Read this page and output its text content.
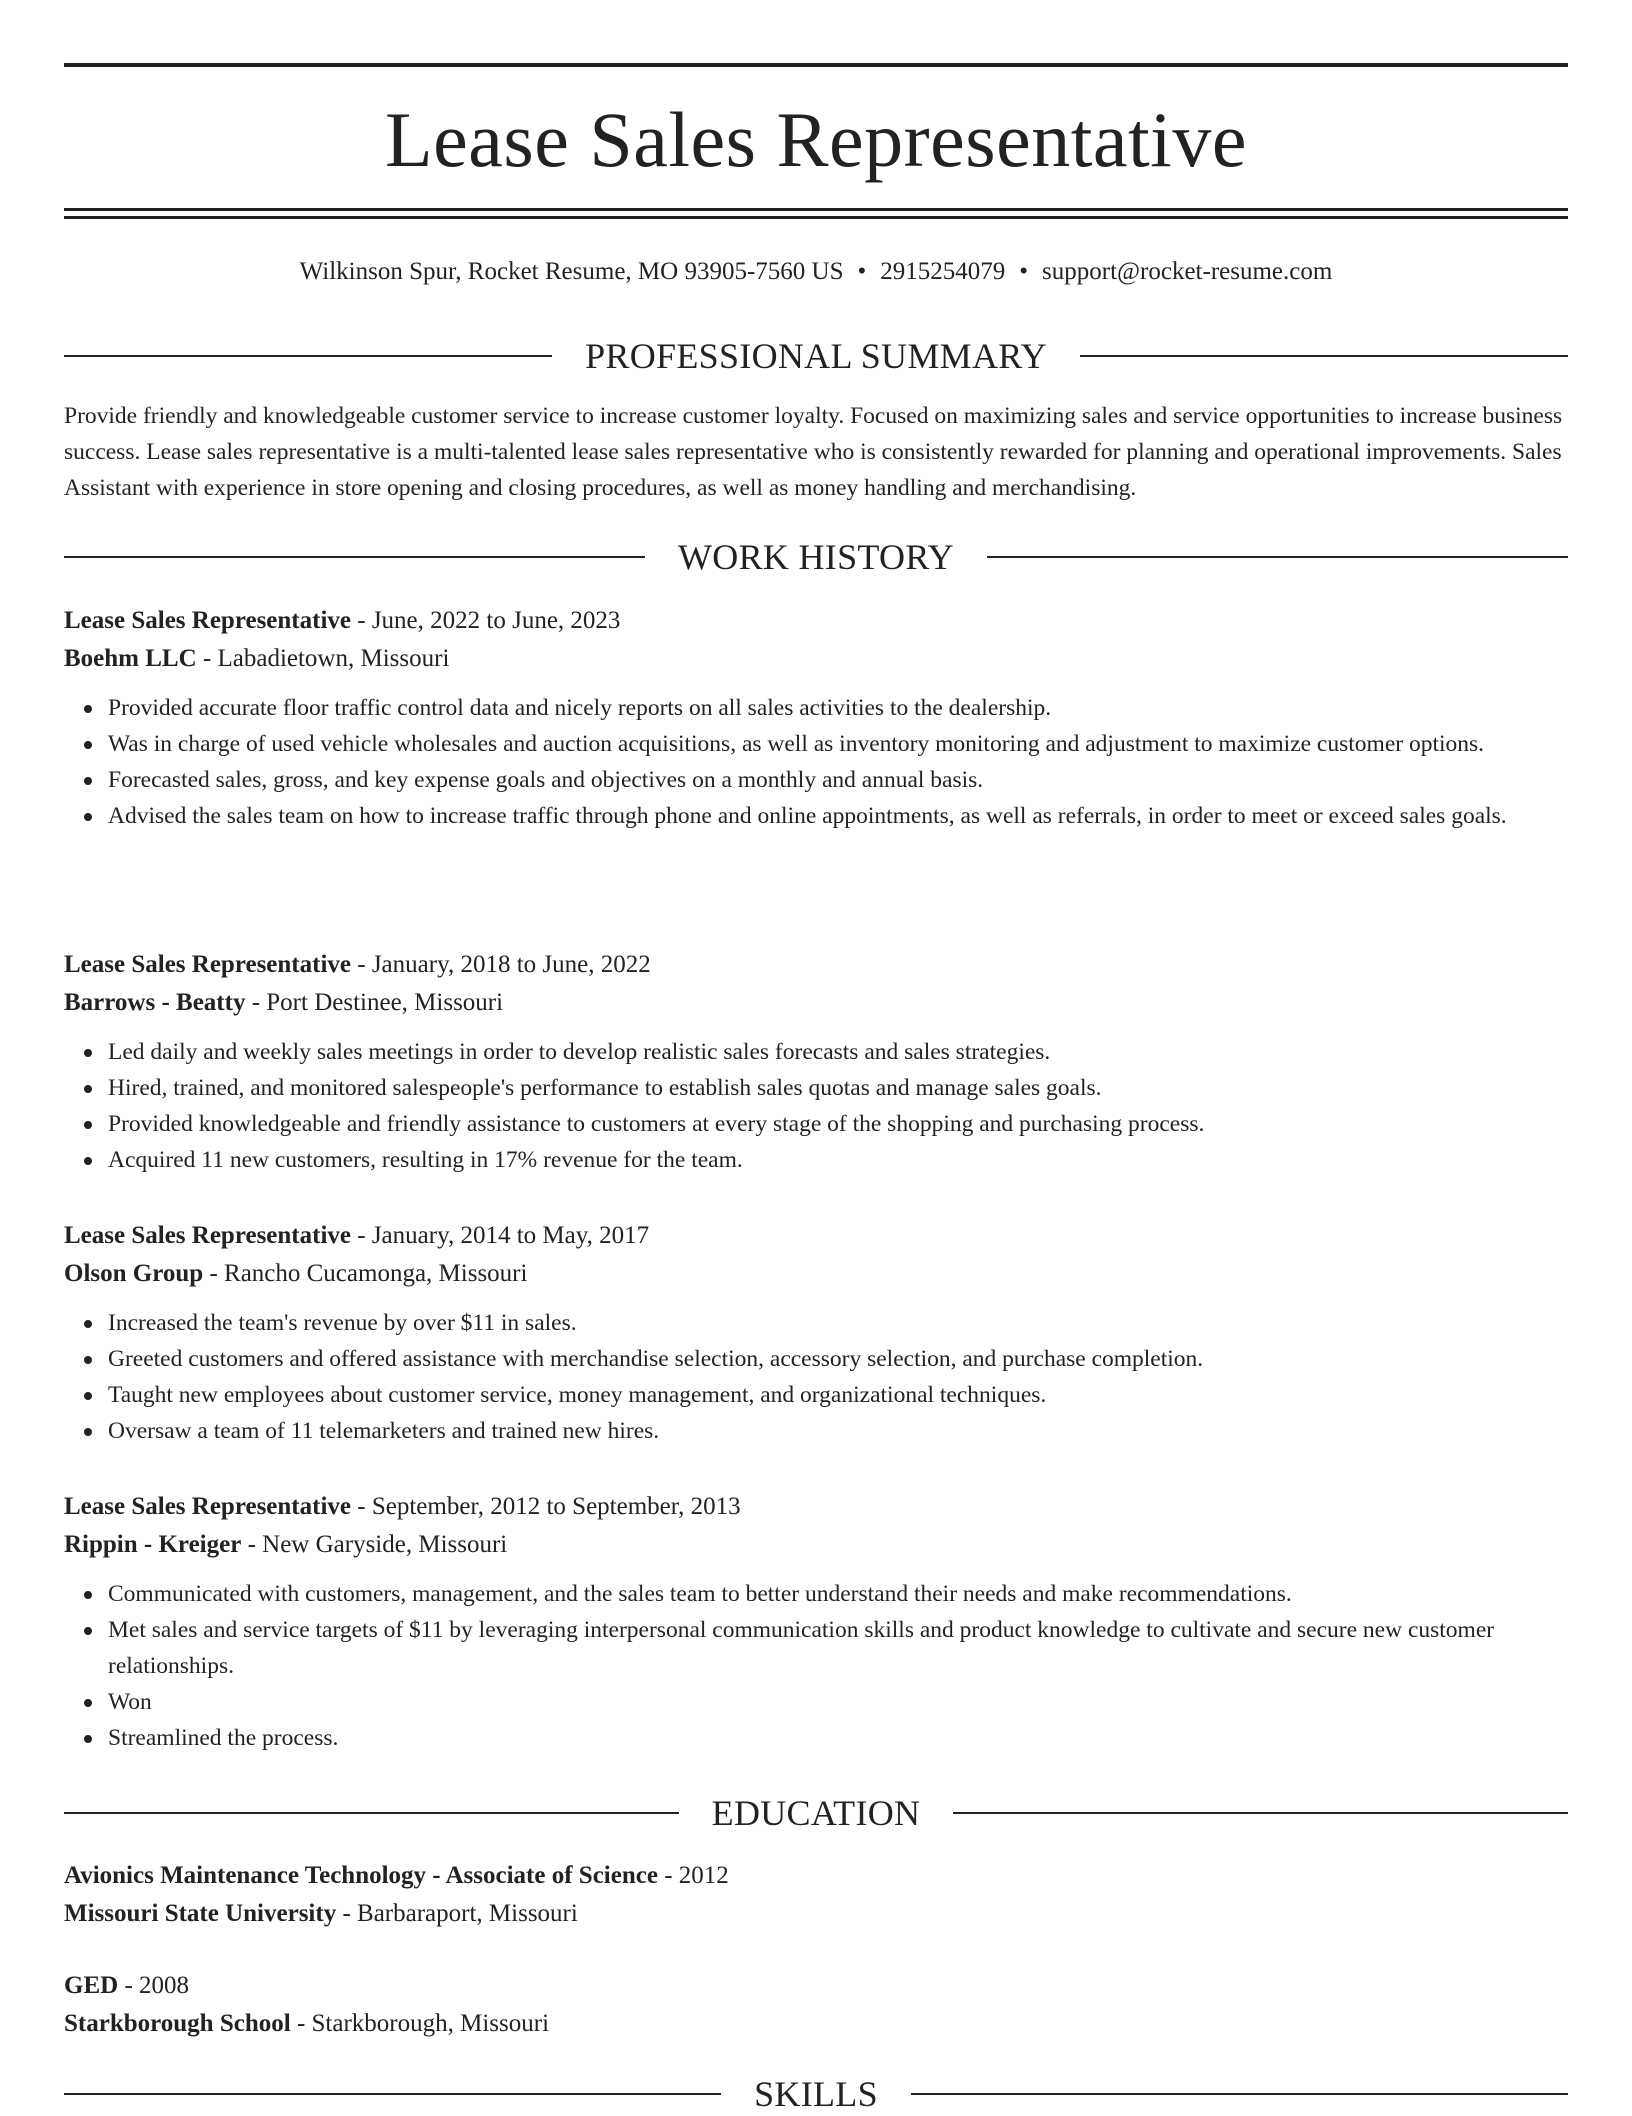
Lease Sales Representative
Wilkinson Spur, Rocket Resume, MO 93905-7560 US • 2915254079 • support@rocket-resume.com
PROFESSIONAL SUMMARY

Provide friendly and knowledgeable customer service to increase customer loyalty. Focused on maximizing sales and service opportunities to increase business success. Lease sales representative is a multi-talented lease sales representative who is consistently rewarded for planning and operational improvements. Sales Assistant with experience in store opening and closing procedures, as well as money handling and merchandising.

WORK HISTORY
Lease Sales Representative - June, 2022 to June, 2023
Boehm LLC - Labadietown, Missouri
Provided accurate floor traffic control data and nicely reports on all sales activities to the dealership.
Was in charge of used vehicle wholesales and auction acquisitions, as well as inventory monitoring and adjustment to maximize customer options.
Forecasted sales, gross, and key expense goals and objectives on a monthly and annual basis.
Advised the sales team on how to increase traffic through phone and online appointments, as well as referrals, in order to meet or exceed sales goals.
Lease Sales Representative - January, 2018 to June, 2022
Barrows - Beatty - Port Destinee, Missouri
Led daily and weekly sales meetings in order to develop realistic sales forecasts and sales strategies.
Hired, trained, and monitored salespeople's performance to establish sales quotas and manage sales goals.
Provided knowledgeable and friendly assistance to customers at every stage of the shopping and purchasing process.
Acquired 11 new customers, resulting in 17% revenue for the team.
Lease Sales Representative - January, 2014 to May, 2017
Olson Group - Rancho Cucamonga, Missouri
Increased the team's revenue by over $11 in sales.
Greeted customers and offered assistance with merchandise selection, accessory selection, and purchase completion.
Taught new employees about customer service, money management, and organizational techniques.
Oversaw a team of 11 telemarketers and trained new hires.
Lease Sales Representative - September, 2012 to September, 2013
Rippin - Kreiger - New Garyside, Missouri
Communicated with customers, management, and the sales team to better understand their needs and make recommendations.
Met sales and service targets of $11 by leveraging interpersonal communication skills and product knowledge to cultivate and secure new customer relationships.
Won
Streamlined the process.
EDUCATION
Avionics Maintenance Technology - Associate of Science - 2012
Missouri State University - Barbaraport, Missouri
GED - 2008
Starkborough School - Starkborough, Missouri
SKILLS
